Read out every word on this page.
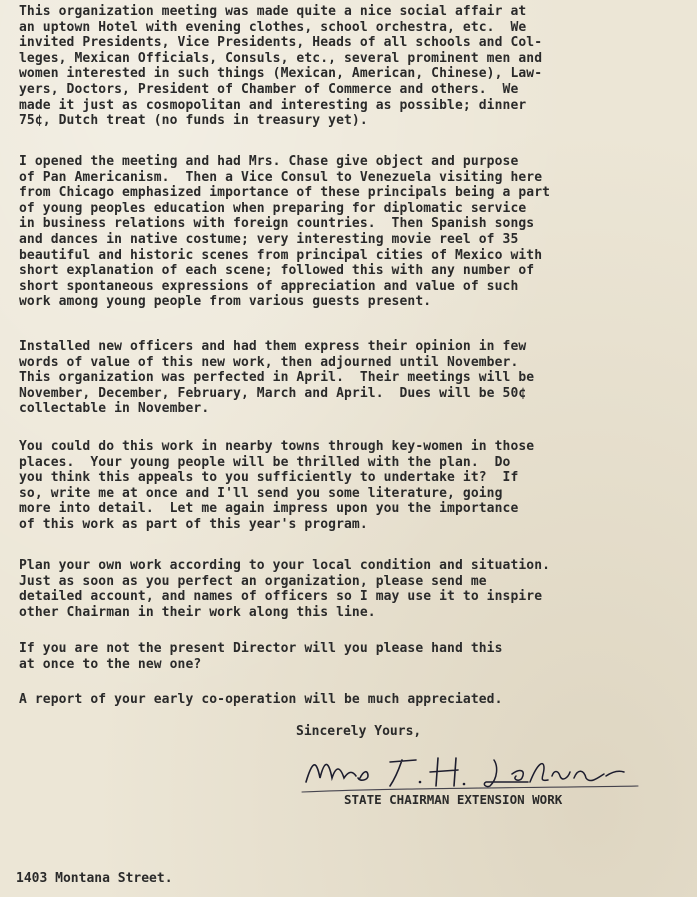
This organization meeting was made quite a nice social affair at
an uptown Hotel with evening clothes, school orchestra, etc.  We
invited Presidents, Vice Presidents, Heads of all schools and Col-
leges, Mexican Officials, Consuls, etc., several prominent men and
women interested in such things (Mexican, American, Chinese), Law-
yers, Doctors, President of Chamber of Commerce and others.  We
made it just as cosmopolitan and interesting as possible; dinner
75¢, Dutch treat (no funds in treasury yet).
I opened the meeting and had Mrs. Chase give object and purpose
of Pan Americanism.  Then a Vice Consul to Venezuela visiting here
from Chicago emphasized importance of these principals being a part
of young peoples education when preparing for diplomatic service
in business relations with foreign countries.  Then Spanish songs
and dances in native costume; very interesting movie reel of 35
beautiful and historic scenes from principal cities of Mexico with
short explanation of each scene; followed this with any number of
short spontaneous expressions of appreciation and value of such
work among young people from various guests present.
Installed new officers and had them express their opinion in few
words of value of this new work, then adjourned until November.
This organization was perfected in April.  Their meetings will be
November, December, February, March and April.  Dues will be 50¢
collectable in November.
You could do this work in nearby towns through key-women in those
places.  Your young people will be thrilled with the plan.  Do
you think this appeals to you sufficiently to undertake it?  If
so, write me at once and I'll send you some literature, going
more into detail.  Let me again impress upon you the importance
of this work as part of this year's program.
Plan your own work according to your local condition and situation.
Just as soon as you perfect an organization, please send me
detailed account, and names of officers so I may use it to inspire
other Chairman in their work along this line.
If you are not the present Director will you please hand this
at once to the new one?
A report of your early co-operation will be much appreciated.
Sincerely Yours,
STATE CHAIRMAN EXTENSION WORK
1403 Montana Street.
